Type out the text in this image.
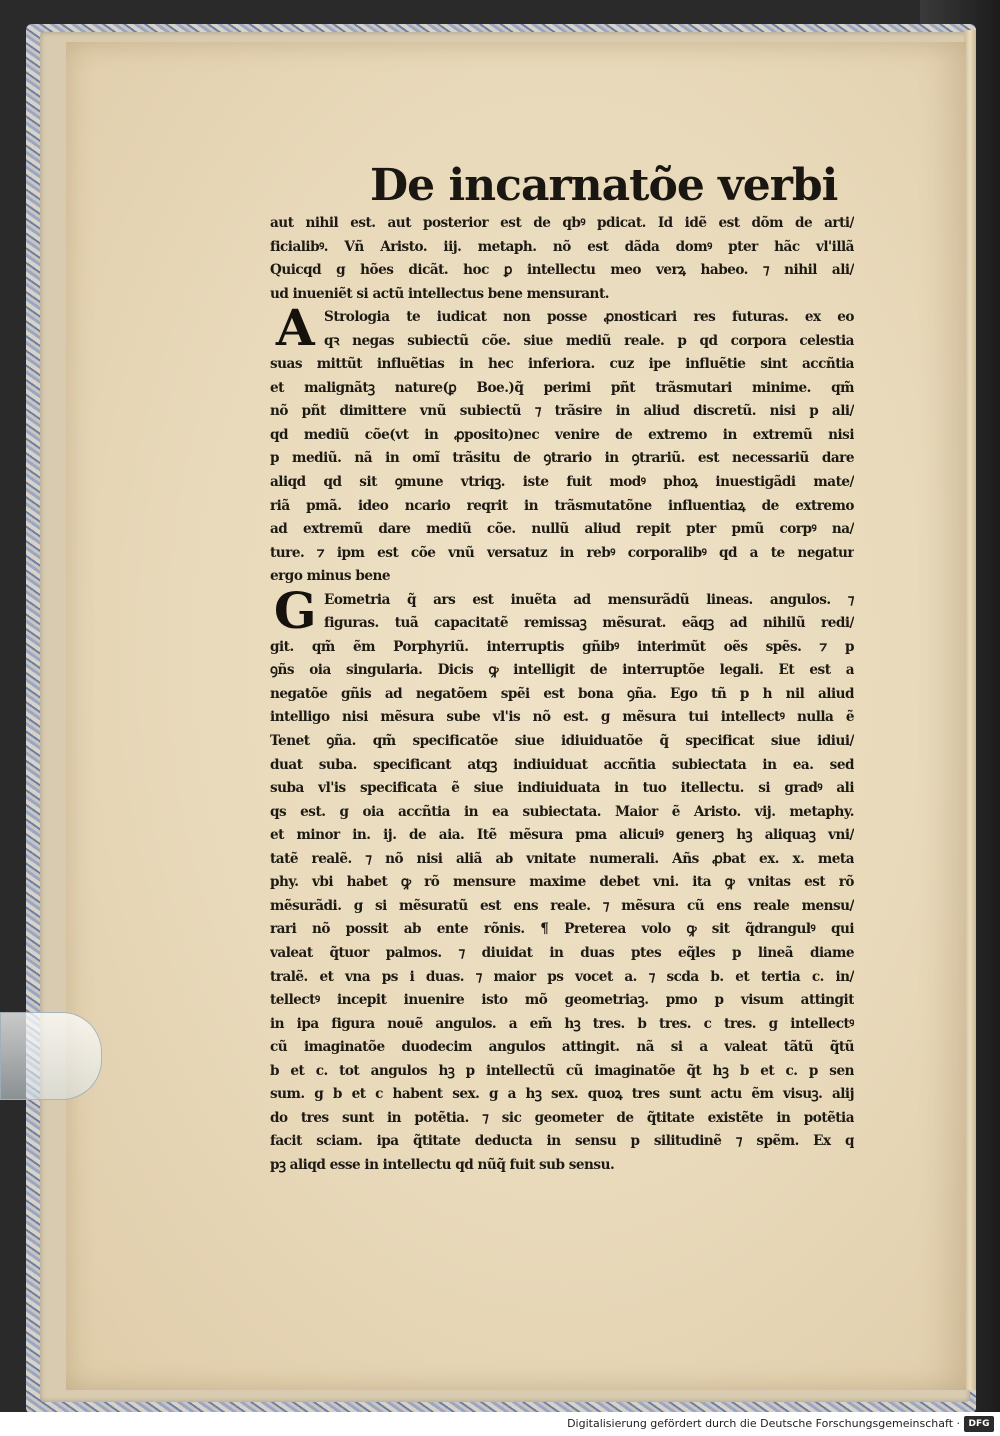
De incarnatõe verbi
A
G
aut nihil est. aut posterior est de qbꝰ pdicat. Id idẽ est dõm de arti/
ficialibꝰ. Vñ Aristo. iij. metaph. nõ est dãda domꝰ pter hãc vl'illã
Quicqd g hões dicãt. hoc ꝑ intellectu meo verꝝ habeo. ⁊ nihil ali/
ud inueniẽt si actũ intellectus bene mensurant.
Strologia te iudicat non posse ꝓnosticari res futuras. ex eo
qꝛ negas subiectũ cõe. siue mediũ reale. p qd corpora celestia
suas mittũt influẽtias in hec inferiora. cuz ipe influẽtie sint accñtia
et malignãtꝫ nature(ꝑ Boe.)q̃ perimi pñt trãsmutari minime. qm̃
nõ pñt dimittere vnũ subiectũ ⁊ trãsire in aliud discretũ. nisi p ali/
qd mediũ cõe(vt in ꝓposito)nec venire de extremo in extremũ nisi
p mediũ. nã in omĩ trãsitu de ꝯtrario in ꝯtrariũ. est necessariũ dare
aliqd qd sit ꝯmune vtriqꝫ. iste fuit modꝰ phoꝝ inuestigãdi mate/
riã pmã. ideo ncario reqrit in trãsmutatõne influentiaꝝ de extremo
ad extremũ dare mediũ cõe. nullũ aliud repit pter pmũ corpꝰ na/
ture. ⁊ ipm est cõe vnũ versatuz in rebꝰ corporalibꝰ qd a te negatur
ergo minus bene
Eometria q̃ ars est inuẽta ad mensurãdũ lineas. angulos. ⁊
figuras. tuã capacitatẽ remissaꝫ mẽsurat. eãqꝫ ad nihilũ redi/
git. qm̃ ẽm Porphyriũ. interruptis gñibꝰ interimũt oẽs spẽs. ⁊ p
ꝯñs oia singularia. Dicis ꝙ intelligit de interruptõe legali. Et est a
negatõe gñis ad negatõem spẽi est bona ꝯña. Ego tñ p h nil aliud
intelligo nisi mẽsura sube vl'is nõ est. g mẽsura tui intellectꝰ nulla ẽ
Tenet ꝯña. qm̃ specificatõe siue idiuiduatõe q̃ specificat siue idiui/
duat suba. specificant atqꝫ indiuiduat accñtia subiectata in ea. sed
suba vl'is specificata ẽ siue indiuiduata in tuo itellectu. si gradꝰ ali
qs est. g oia accñtia in ea subiectata. Maior ẽ Aristo. vij. metaphy.
et minor in. ij. de aia. Itẽ mẽsura pma alicuiꝰ generꝫ hꝫ aliquaꝫ vni/
tatẽ realẽ. ⁊ nõ nisi aliã ab vnitate numerali. Añs ꝓbat ex. x. meta
phy. vbi habet ꝙ rõ mensure maxime debet vni. ita ꝙ vnitas est rõ
mẽsurãdi. g si mẽsuratũ est ens reale. ⁊ mẽsura cũ ens reale mensu/
rari nõ possit ab ente rõnis. ¶ Preterea volo ꝙ sit q̃drangulꝰ qui
valeat q̃tuor palmos. ⁊ diuidat in duas ptes eq̃les p lineã diame
tralẽ. et vna ps i duas. ⁊ maior ps vocet a. ⁊ scda b. et tertia c. in/
tellectꝰ incepit inuenire isto mõ geometriaꝫ. pmo p visum attingit
in ipa figura nouẽ angulos. a em̃ hꝫ tres. b tres. c tres. g intellectꝰ
cũ imaginatõe duodecim angulos attingit. nã si a valeat tãtũ q̃tũ
b et c. tot angulos hꝫ p intellectũ cũ imaginatõe q̃t hꝫ b et c. p sen
sum. g b et c habent sex. g a hꝫ sex. quoꝝ tres sunt actu ẽm visuꝫ. alij
do tres sunt in potẽtia. ⁊ sic geometer de q̃titate existẽte in potẽtia
facit sciam. ipa q̃titate deducta in sensu p silitudinẽ ⁊ spẽm. Ex q
pꝫ aliqd esse in intellectu qd nũq̃ fuit sub sensu.
Digitalisierung gefördert durch die Deutsche Forschungsgemeinschaft · DFG
